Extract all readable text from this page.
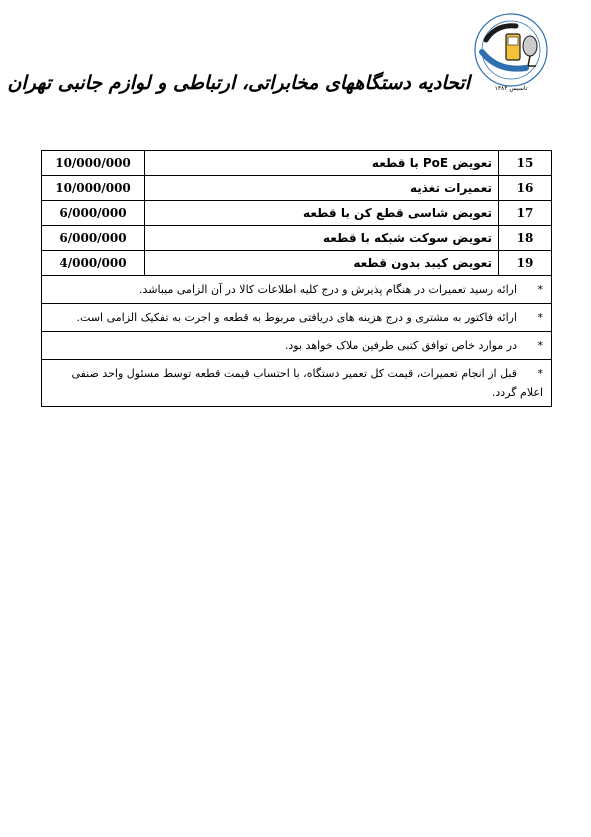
تاسیس ۱۳۸۳
اتحادیه دستگاههای مخابراتی، ارتباطی و لوازم جانبی تهران
15	تعویض PoE با قطعه	10/000/000
16	تعمیرات تغذیه	10/000/000
17	تعویض شاسی قطع کن با قطعه	6/000/000
18	تعویض سوکت شبکه با قطعه	6/000/000
19	تعویض کیبد بدون قطعه	4/000/000
*ارائه رسید تعمیرات در هنگام پذیرش و درج کلیه اطلاعات کالا در آن الزامی میباشد.		
*ارائه فاکتور به مشتری و درج هزینه های دریافتی مربوط به قطعه و اجرت به تفکیک الزامی است.		
*در موارد خاص توافق کتبی طرفین ملاک خواهد بود.		
*قبل از انجام تعمیرات، قیمت کل تعمیر دستگاه، با احتساب قیمت قطعه توسط مسئول واحد صنفی اعلام گردد.		
